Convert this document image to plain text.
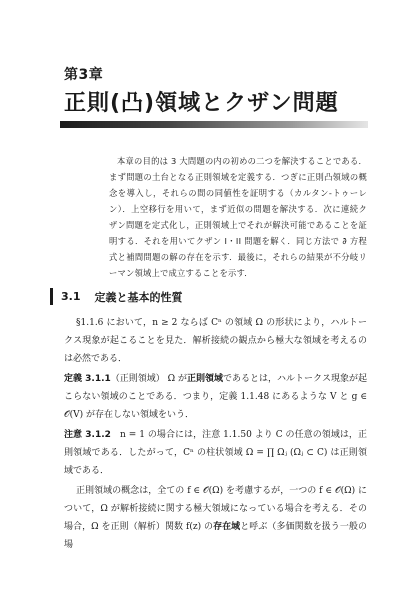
第3章
正則(凸)領域とクザン問題

本章の目的は 3 大問題の内の初めの二つを解決することである．まず問題の土台となる正則領域を定義する．つぎに正則凸領域の概念を導入し，それらの間の同値性を証明する（カルタン-トゥーレン）．上空移行を用いて，まず近似の問題を解決する．次に連続クザン問題を定式化し，正則領域上でそれが解決可能であることを証明する．それを用いてクザン I・II 問題を解く．同じ方法で ∂̄ 方程式と補間問題の解の存在を示す．最後に，それらの結果が不分岐リーマン領域上で成立することを示す．

3.1 定義と基本的性質

§1.1.6 において，n ≥ 2 ならば Cⁿ の領域 Ω の形状により，ハルトークス現象が起こることを見た．解析接続の観点から極大な領域を考えるのは必然である．

定義 3.1.1（正則領域） Ω が正則領域であるとは，ハルトークス現象が起こらない領域のことである．つまり，定義 1.1.48 にあるような V と g ∈ 𝒪(V) が存在しない領域をいう．

注意 3.1.2　 n = 1 の場合には，注意 1.1.50 より C の任意の領域は，正則領域である．したがって，Cⁿ の柱状領域 Ω = ∏ Ωⱼ (Ωⱼ ⊂ C) は正則領域である．

正則領域の概念は，全ての f ∈ 𝒪(Ω) を考慮するが，一つの f ∈ 𝒪(Ω) について，Ω が解析接続に関する極大領域になっている場合を考える．その場合，Ω を正則（解析）関数 f(z) の存在域と呼ぶ（多価関数を扱う一般の場
